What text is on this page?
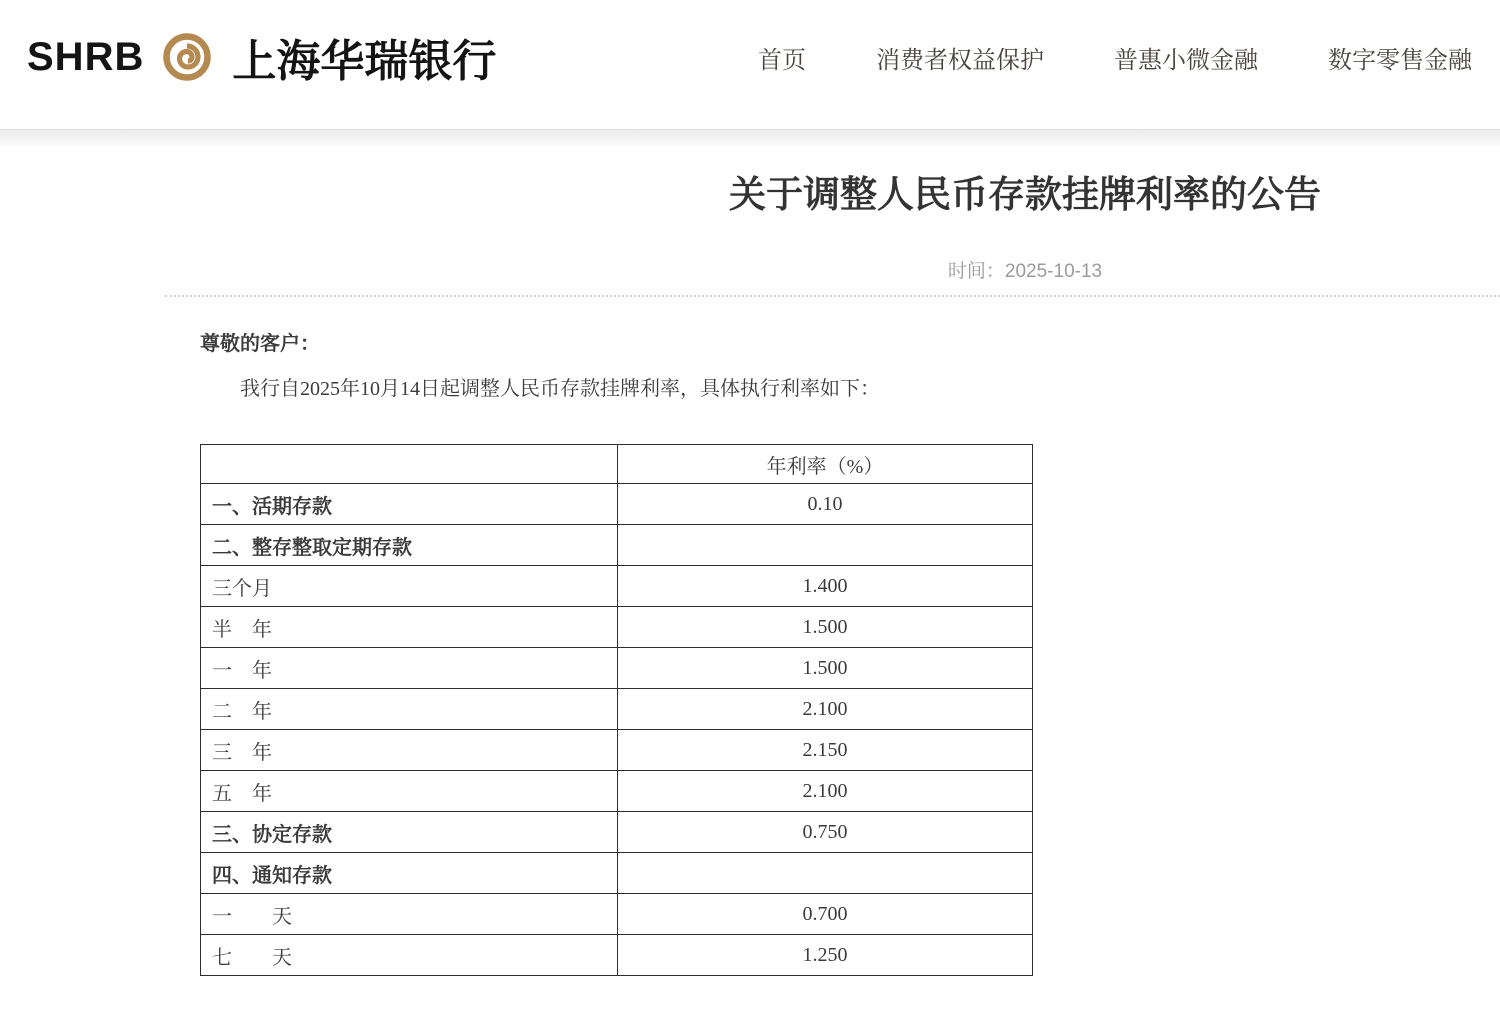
SHRB 上海华瑞银行	首页	消费者权益保护	普惠小微金融	数字零售金融
关于调整人民币存款挂牌利率的公告
时间：2025-10-13

尊敬的客户：

我行自2025年10月14日起调整人民币存款挂牌利率，具体执行利率如下：

	年利率（%）
一、活期存款	0.10
二、整存整取定期存款	
三个月	1.400
半　年	1.500
一　年	1.500
二　年	2.100
三　年	2.150
五　年	2.100
三、协定存款	0.750
四、通知存款	
一　　天	0.700
七　　天	1.250
